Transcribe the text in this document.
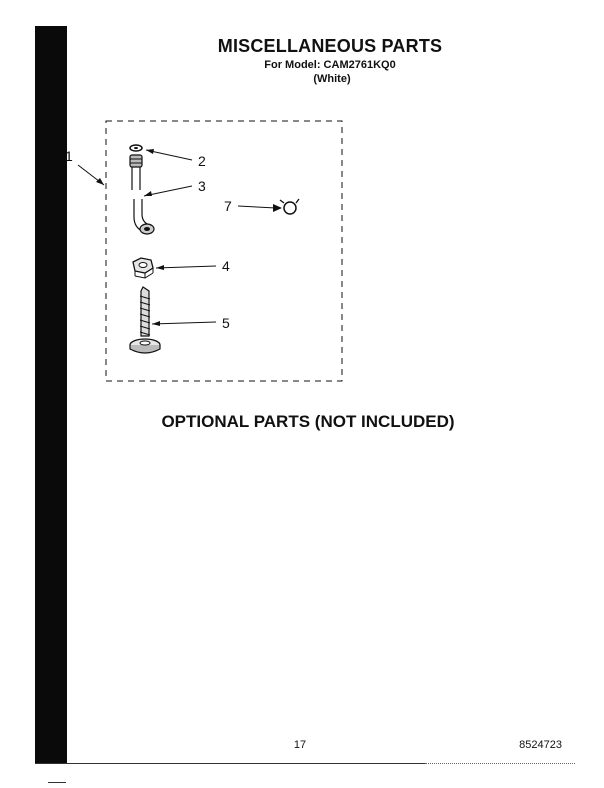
MISCELLANEOUS PARTS
For Model: CAM2761KQ0
(White)
1	2
3
7
4
5
OPTIONAL PARTS (NOT INCLUDED)
17	8524723
